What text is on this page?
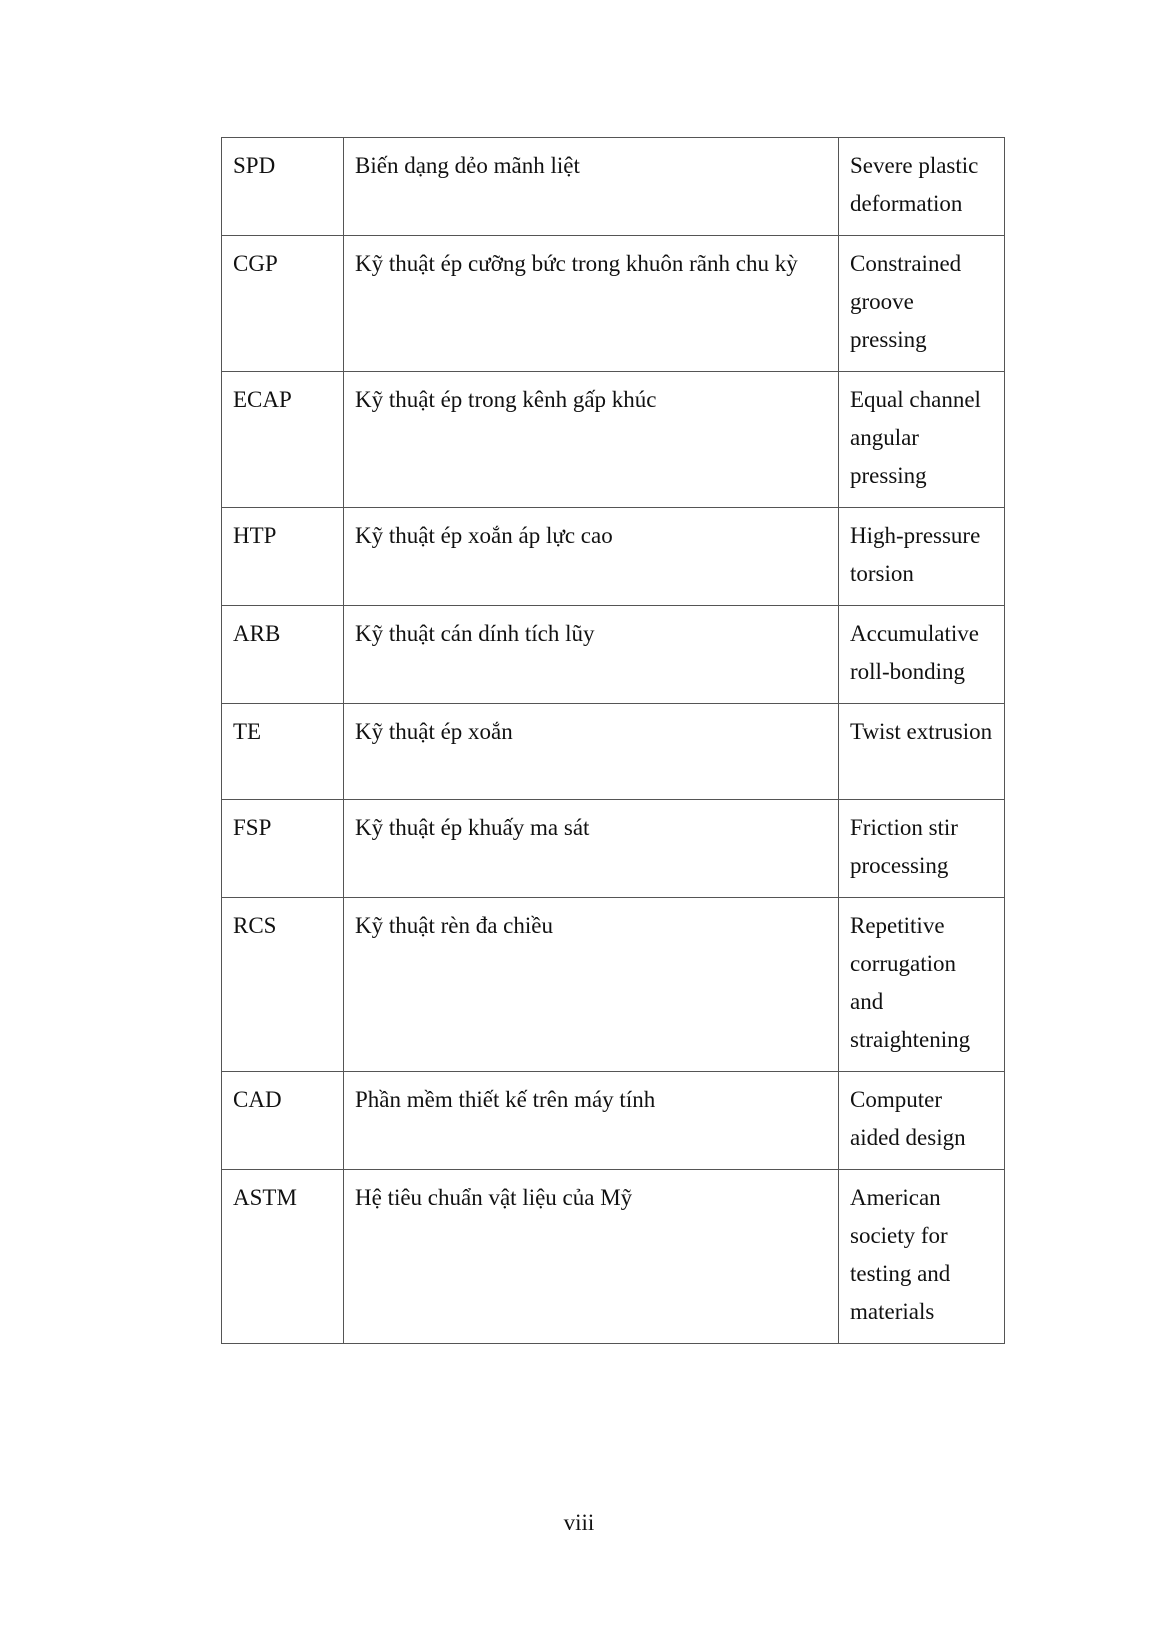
SPD	Biến dạng dẻo mãnh liệt	Severe plastic deformation
CGP	Kỹ thuật ép cưỡng bức trong khuôn rãnh chu kỳ	Constrained groove pressing
ECAP	Kỹ thuật ép trong kênh gấp khúc	Equal channel angular pressing
HTP	Kỹ thuật ép xoắn áp lực cao	High-pressure torsion
ARB	Kỹ thuật cán dính tích lũy	Accumulative roll-bonding
TE	Kỹ thuật ép xoắn	Twist extrusion
FSP	Kỹ thuật ép khuấy ma sát	Friction stir processing
RCS	Kỹ thuật rèn đa chiều	Repetitive corrugation and straightening
CAD	Phần mềm thiết kế trên máy tính	Computer aided design
ASTM	Hệ tiêu chuẩn vật liệu của Mỹ	American society for testing and materials
viii
